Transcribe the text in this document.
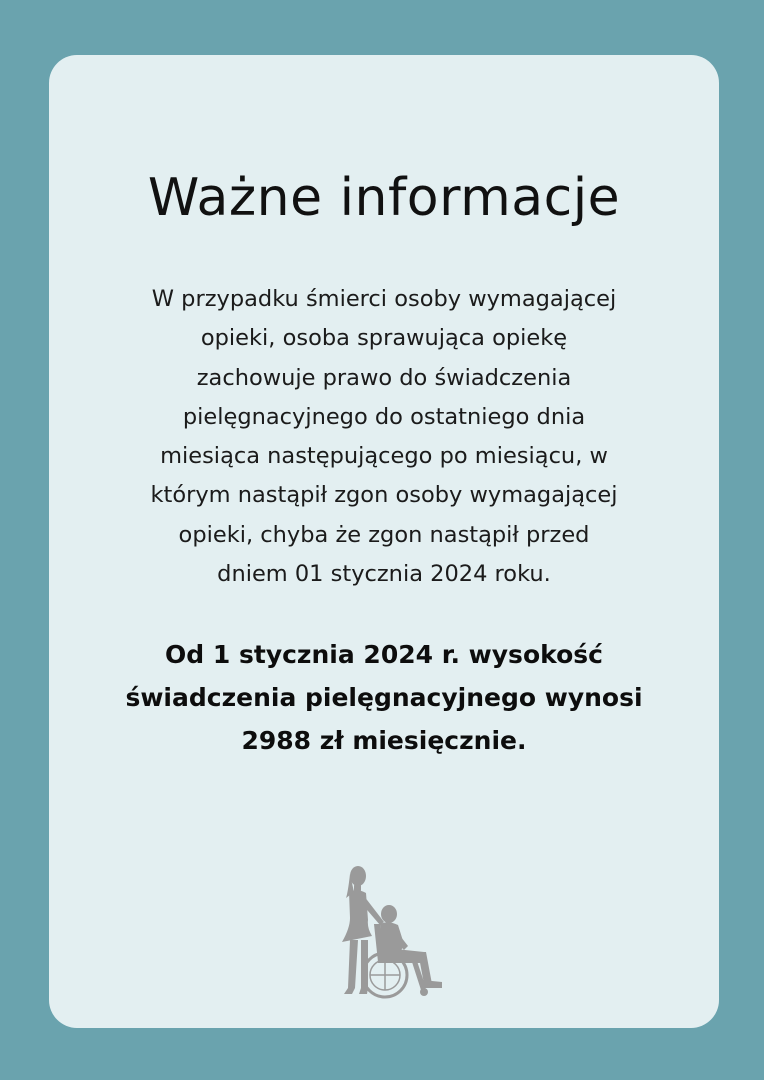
Ważne informacje

W przypadku śmierci osoby wymagającej
opieki, osoba sprawująca opiekę
zachowuje prawo do świadczenia
pielęgnacyjnego do ostatniego dnia
miesiąca następującego po miesiącu, w
którym nastąpił zgon osoby wymagającej
opieki, chyba że zgon nastąpił przed
dniem 01 stycznia 2024 roku.

Od 1 stycznia 2024 r. wysokość
świadczenia pielęgnacyjnego wynosi
2988 zł miesięcznie.
